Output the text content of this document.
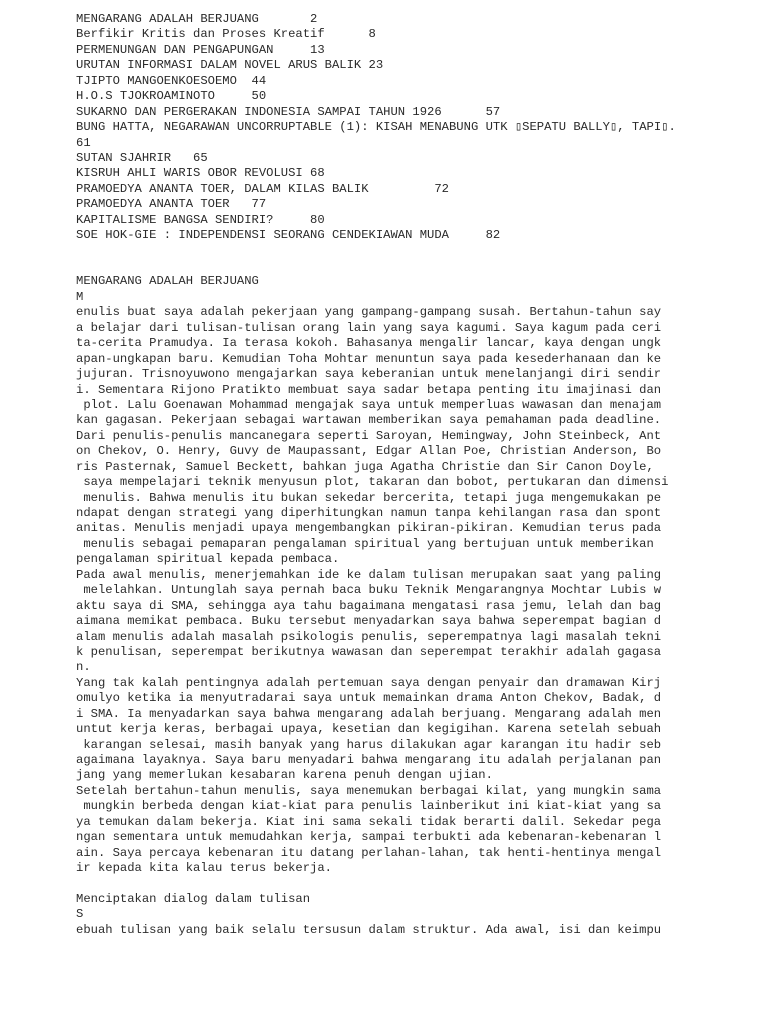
MENGARANG ADALAH BERJUANG       2
Berfikir Kritis dan Proses Kreatif      8
PERMENUNGAN DAN PENGAPUNGAN     13
URUTAN INFORMASI DALAM NOVEL ARUS BALIK 23
TJIPTO MANGOENKOESOEMO  44
H.O.S TJOKROAMINOTO     50
SUKARNO DAN PERGERAKAN INDONESIA SAMPAI TAHUN 1926      57
BUNG HATTA, NEGARAWAN UNCORRUPTABLE (1): KISAH MENABUNG UTK ▯SEPATU BALLY▯, TAPI▯.
61
SUTAN SJAHRIR   65
KISRUH AHLI WARIS OBOR REVOLUSI 68
PRAMOEDYA ANANTA TOER, DALAM KILAS BALIK         72
PRAMOEDYA ANANTA TOER   77
KAPITALISME BANGSA SENDIRI?     80
SOE HOK-GIE : INDEPENDENSI SEORANG CENDEKIAWAN MUDA     82
MENGARANG ADALAH BERJUANG
M
enulis buat saya adalah pekerjaan yang gampang-gampang susah. Bertahun-tahun say
a belajar dari tulisan-tulisan orang lain yang saya kagumi. Saya kagum pada ceri
ta-cerita Pramudya. Ia terasa kokoh. Bahasanya mengalir lancar, kaya dengan ungk
apan-ungkapan baru. Kemudian Toha Mohtar menuntun saya pada kesederhanaan dan ke
jujuran. Trisnoyuwono mengajarkan saya keberanian untuk menelanjangi diri sendir
i. Sementara Rijono Pratikto membuat saya sadar betapa penting itu imajinasi dan
plot. Lalu Goenawan Mohammad mengajak saya untuk memperluas wawasan dan menajam
kan gagasan. Pekerjaan sebagai wartawan memberikan saya pemahaman pada deadline.
Dari penulis-penulis mancanegara seperti Saroyan, Hemingway, John Steinbeck, Ant
on Chekov, O. Henry, Guvy de Maupassant, Edgar Allan Poe, Christian Anderson, Bo
ris Pasternak, Samuel Beckett, bahkan juga Agatha Christie dan Sir Canon Doyle,
saya mempelajari teknik menyusun plot, takaran dan bobot, pertukaran dan dimensi
menulis. Bahwa menulis itu bukan sekedar bercerita, tetapi juga mengemukakan pe
ndapat dengan strategi yang diperhitungkan namun tanpa kehilangan rasa dan spont
anitas. Menulis menjadi upaya mengembangkan pikiran-pikiran. Kemudian terus pada
menulis sebagai pemaparan pengalaman spiritual yang bertujuan untuk memberikan
pengalaman spiritual kepada pembaca.
Pada awal menulis, menerjemahkan ide ke dalam tulisan merupakan saat yang paling
melelahkan. Untunglah saya pernah baca buku Teknik Mengarangnya Mochtar Lubis w
aktu saya di SMA, sehingga aya tahu bagaimana mengatasi rasa jemu, lelah dan bag
aimana memikat pembaca. Buku tersebut menyadarkan saya bahwa seperempat bagian d
alam menulis adalah masalah psikologis penulis, seperempatnya lagi masalah tekni
k penulisan, seperempat berikutnya wawasan dan seperempat terakhir adalah gagasa
n.
Yang tak kalah pentingnya adalah pertemuan saya dengan penyair dan dramawan Kirj
omulyo ketika ia menyutradarai saya untuk memainkan drama Anton Chekov, Badak, d
i SMA. Ia menyadarkan saya bahwa mengarang adalah berjuang. Mengarang adalah men
untut kerja keras, berbagai upaya, kesetian dan kegigihan. Karena setelah sebuah
karangan selesai, masih banyak yang harus dilakukan agar karangan itu hadir seb
agaimana layaknya. Saya baru menyadari bahwa mengarang itu adalah perjalanan pan
jang yang memerlukan kesabaran karena penuh dengan ujian.
Setelah bertahun-tahun menulis, saya menemukan berbagai kilat, yang mungkin sama
mungkin berbeda dengan kiat-kiat para penulis lainberikut ini kiat-kiat yang sa
ya temukan dalam bekerja. Kiat ini sama sekali tidak berarti dalil. Sekedar pega
ngan sementara untuk memudahkan kerja, sampai terbukti ada kebenaran-kebenaran l
ain. Saya percaya kebenaran itu datang perlahan-lahan, tak henti-hentinya mengal
ir kepada kita kalau terus bekerja.
Menciptakan dialog dalam tulisan
S
ebuah tulisan yang baik selalu tersusun dalam struktur. Ada awal, isi dan keimpu
